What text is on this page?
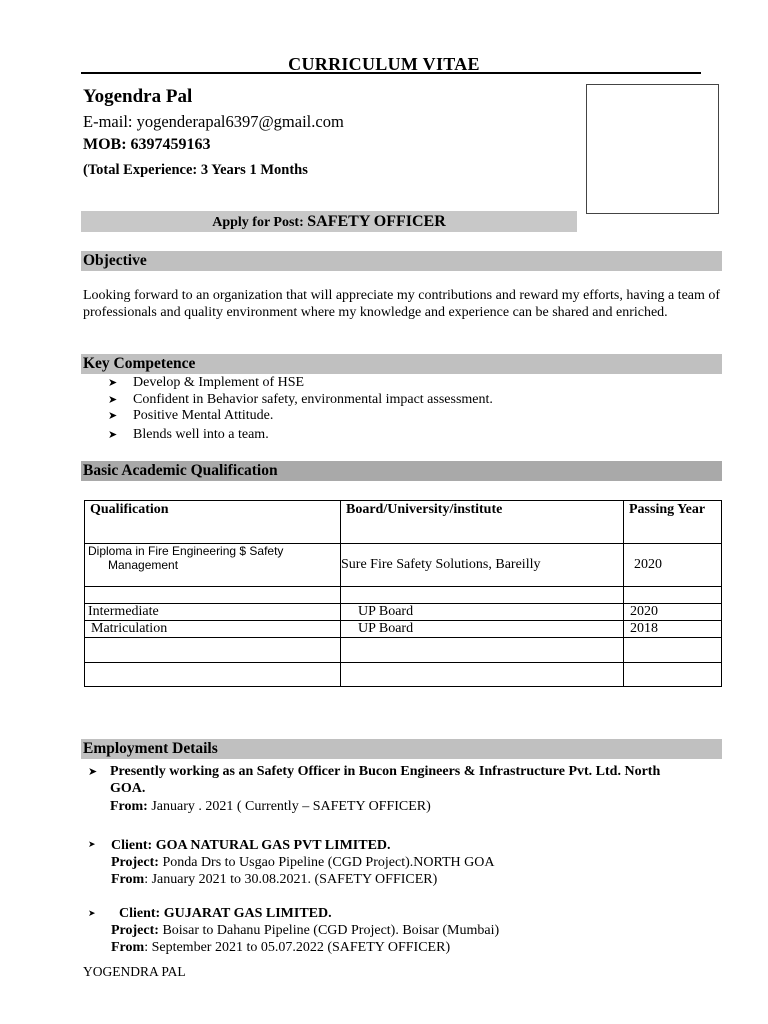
CURRICULUM VITAE
Yogendra Pal
E-mail: yogenderapal6397@gmail.com
MOB: 6397459163
(Total Experience: 3 Years 1 Months
Apply for Post: SAFETY OFFICER
Objective
Looking forward to an organization that will appreciate my contributions and reward my efforts, having a team of professionals and quality environment where my knowledge and experience can be shared and enriched.
Key Competence
➤ Develop & Implement of HSE
➤ Confident in Behavior safety, environmental impact assessment.
➤ Positive Mental Attitude.
➤ Blends well into a team.
Basic Academic Qualification
Qualification	Board/University/institute	Passing Year

Diploma in Fire Engineering $ Safety
Management	Sure Fire Safety Solutions, Bareilly	2020

Intermediate	UP Board	2020
Matriculation	UP Board	2018

Employment Details
➤ Presently working as an Safety Officer in Bucon Engineers & Infrastructure Pvt. Ltd. North
GOA.
From: January . 2021 ( Currently – SAFETY OFFICER)
➤ Client: GOA NATURAL GAS PVT LIMITED.
Project: Ponda Drs to Usgao Pipeline (CGD Project).NORTH GOA
From: January 2021 to 30.08.2021. (SAFETY OFFICER)
➤	Client: GUJARAT GAS LIMITED.
Project: Boisar to Dahanu Pipeline (CGD Project). Boisar (Mumbai)
From: September 2021 to 05.07.2022 (SAFETY OFFICER)
YOGENDRA PAL
